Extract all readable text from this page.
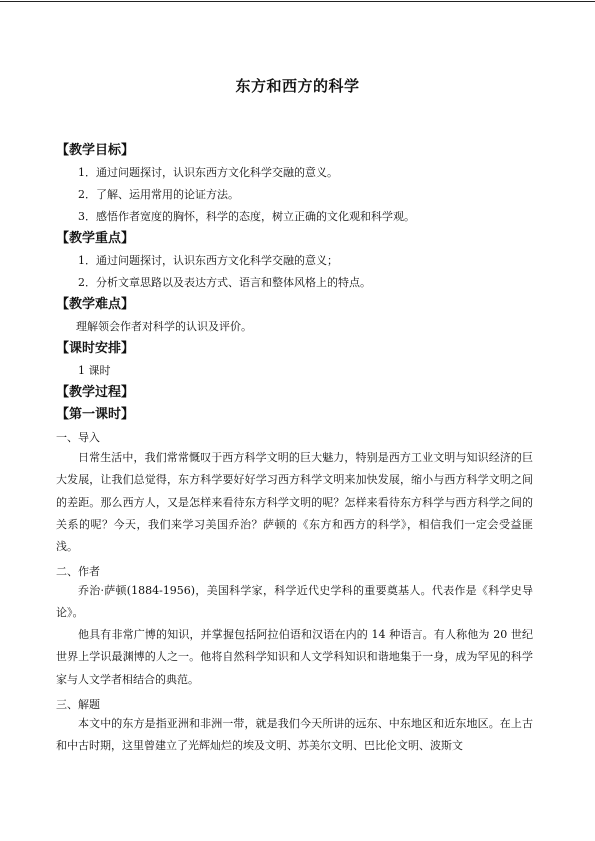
东方和西方的科学
【教学目标】
1．通过问题探讨，认识东西方文化科学交融的意义。
2．了解、运用常用的论证方法。
3．感悟作者宽度的胸怀，科学的态度，树立正确的文化观和科学观。
【教学重点】
1．通过问题探讨，认识东西方文化科学交融的意义；
2．分析文章思路以及表达方式、语言和整体风格上的特点。
【教学难点】
理解领会作者对科学的认识及评价。
【课时安排】
1 课时
【教学过程】
【第一课时】
一、导入
日常生活中，我们常常慨叹于西方科学文明的巨大魅力，特别是西方工业文明与知识经济的巨大发展，让我们总觉得，东方科学要好好学习西方科学文明来加快发展，缩小与西方科学文明之间的差距。那么西方人，又是怎样来看待东方科学文明的呢？怎样来看待东方科学与西方科学之间的关系的呢？今天，我们来学习美国乔治？萨顿的《东方和西方的科学》，相信我们一定会受益匪浅。
二、作者
乔治·萨顿(1884-1956)，美国科学家，科学近代史学科的重要奠基人。代表作是《科学史导论》。
他具有非常广博的知识，并掌握包括阿拉伯语和汉语在内的 14 种语言。有人称他为 20 世纪世界上学识最渊博的人之一。他将自然科学知识和人文学科知识和谐地集于一身，成为罕见的科学家与人文学者相结合的典范。
三、解题
本文中的东方是指亚洲和非洲一带，就是我们今天所讲的远东、中东地区和近东地区。在上古和中古时期，这里曾建立了光辉灿烂的埃及文明、苏美尔文明、巴比伦文明、波斯文
